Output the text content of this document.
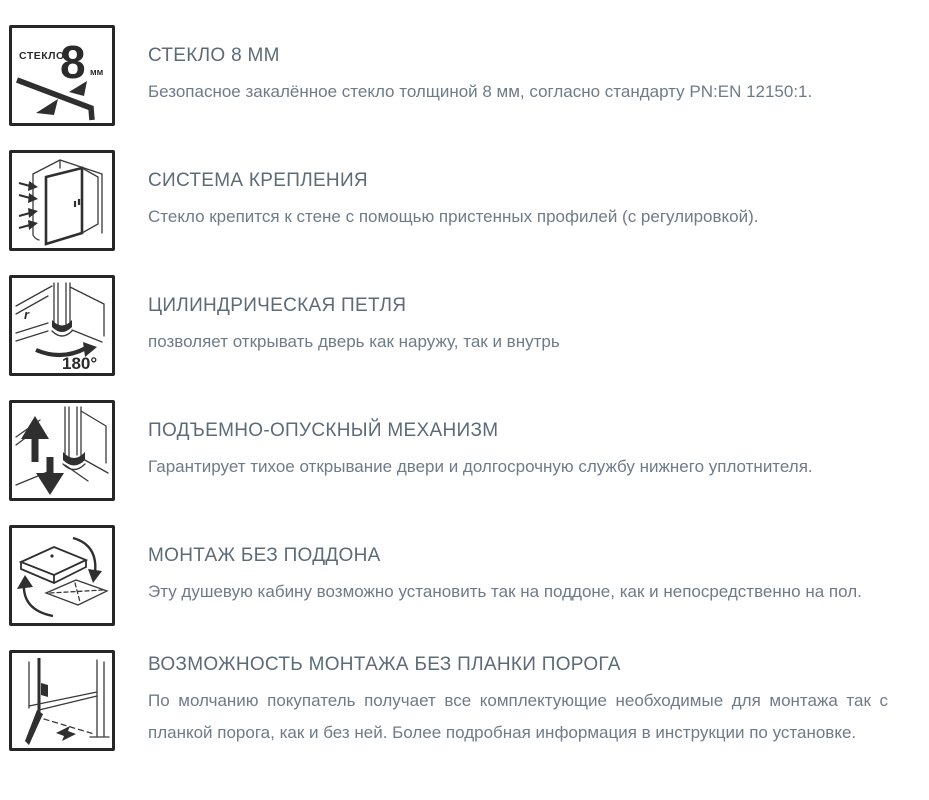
СТЕКЛО
8 мм
СТЕКЛО 8 ММ

Безопасное закалённое стекло толщиной 8 мм, согласно стандарту PN:EN 12150:1.

СИСТЕМА КРЕПЛЕНИЯ

Стекло крепится к стене с помощью пристенных профилей (с регулировкой).

r
180°
ЦИЛИНДРИЧЕСКАЯ ПЕТЛЯ

позволяет открывать дверь как наружу, так и внутрь

ПОДЪЕМНО-ОПУСКНЫЙ МЕХАНИЗМ

Гарантирует тихое открывание двери и долгосрочную службу нижнего уплотнителя.

МОНТАЖ БЕЗ ПОДДОНА

Эту душевую кабину возможно установить так на поддоне, как и непосредственно на пол.

ВОЗМОЖНОСТЬ МОНТАЖА БЕЗ ПЛАНКИ ПОРОГА

По молчанию покупатель получает все комплектующие необходимые для монтажа так с планкой порога, как и без ней. Более подробная информация в инструкции по установке.
